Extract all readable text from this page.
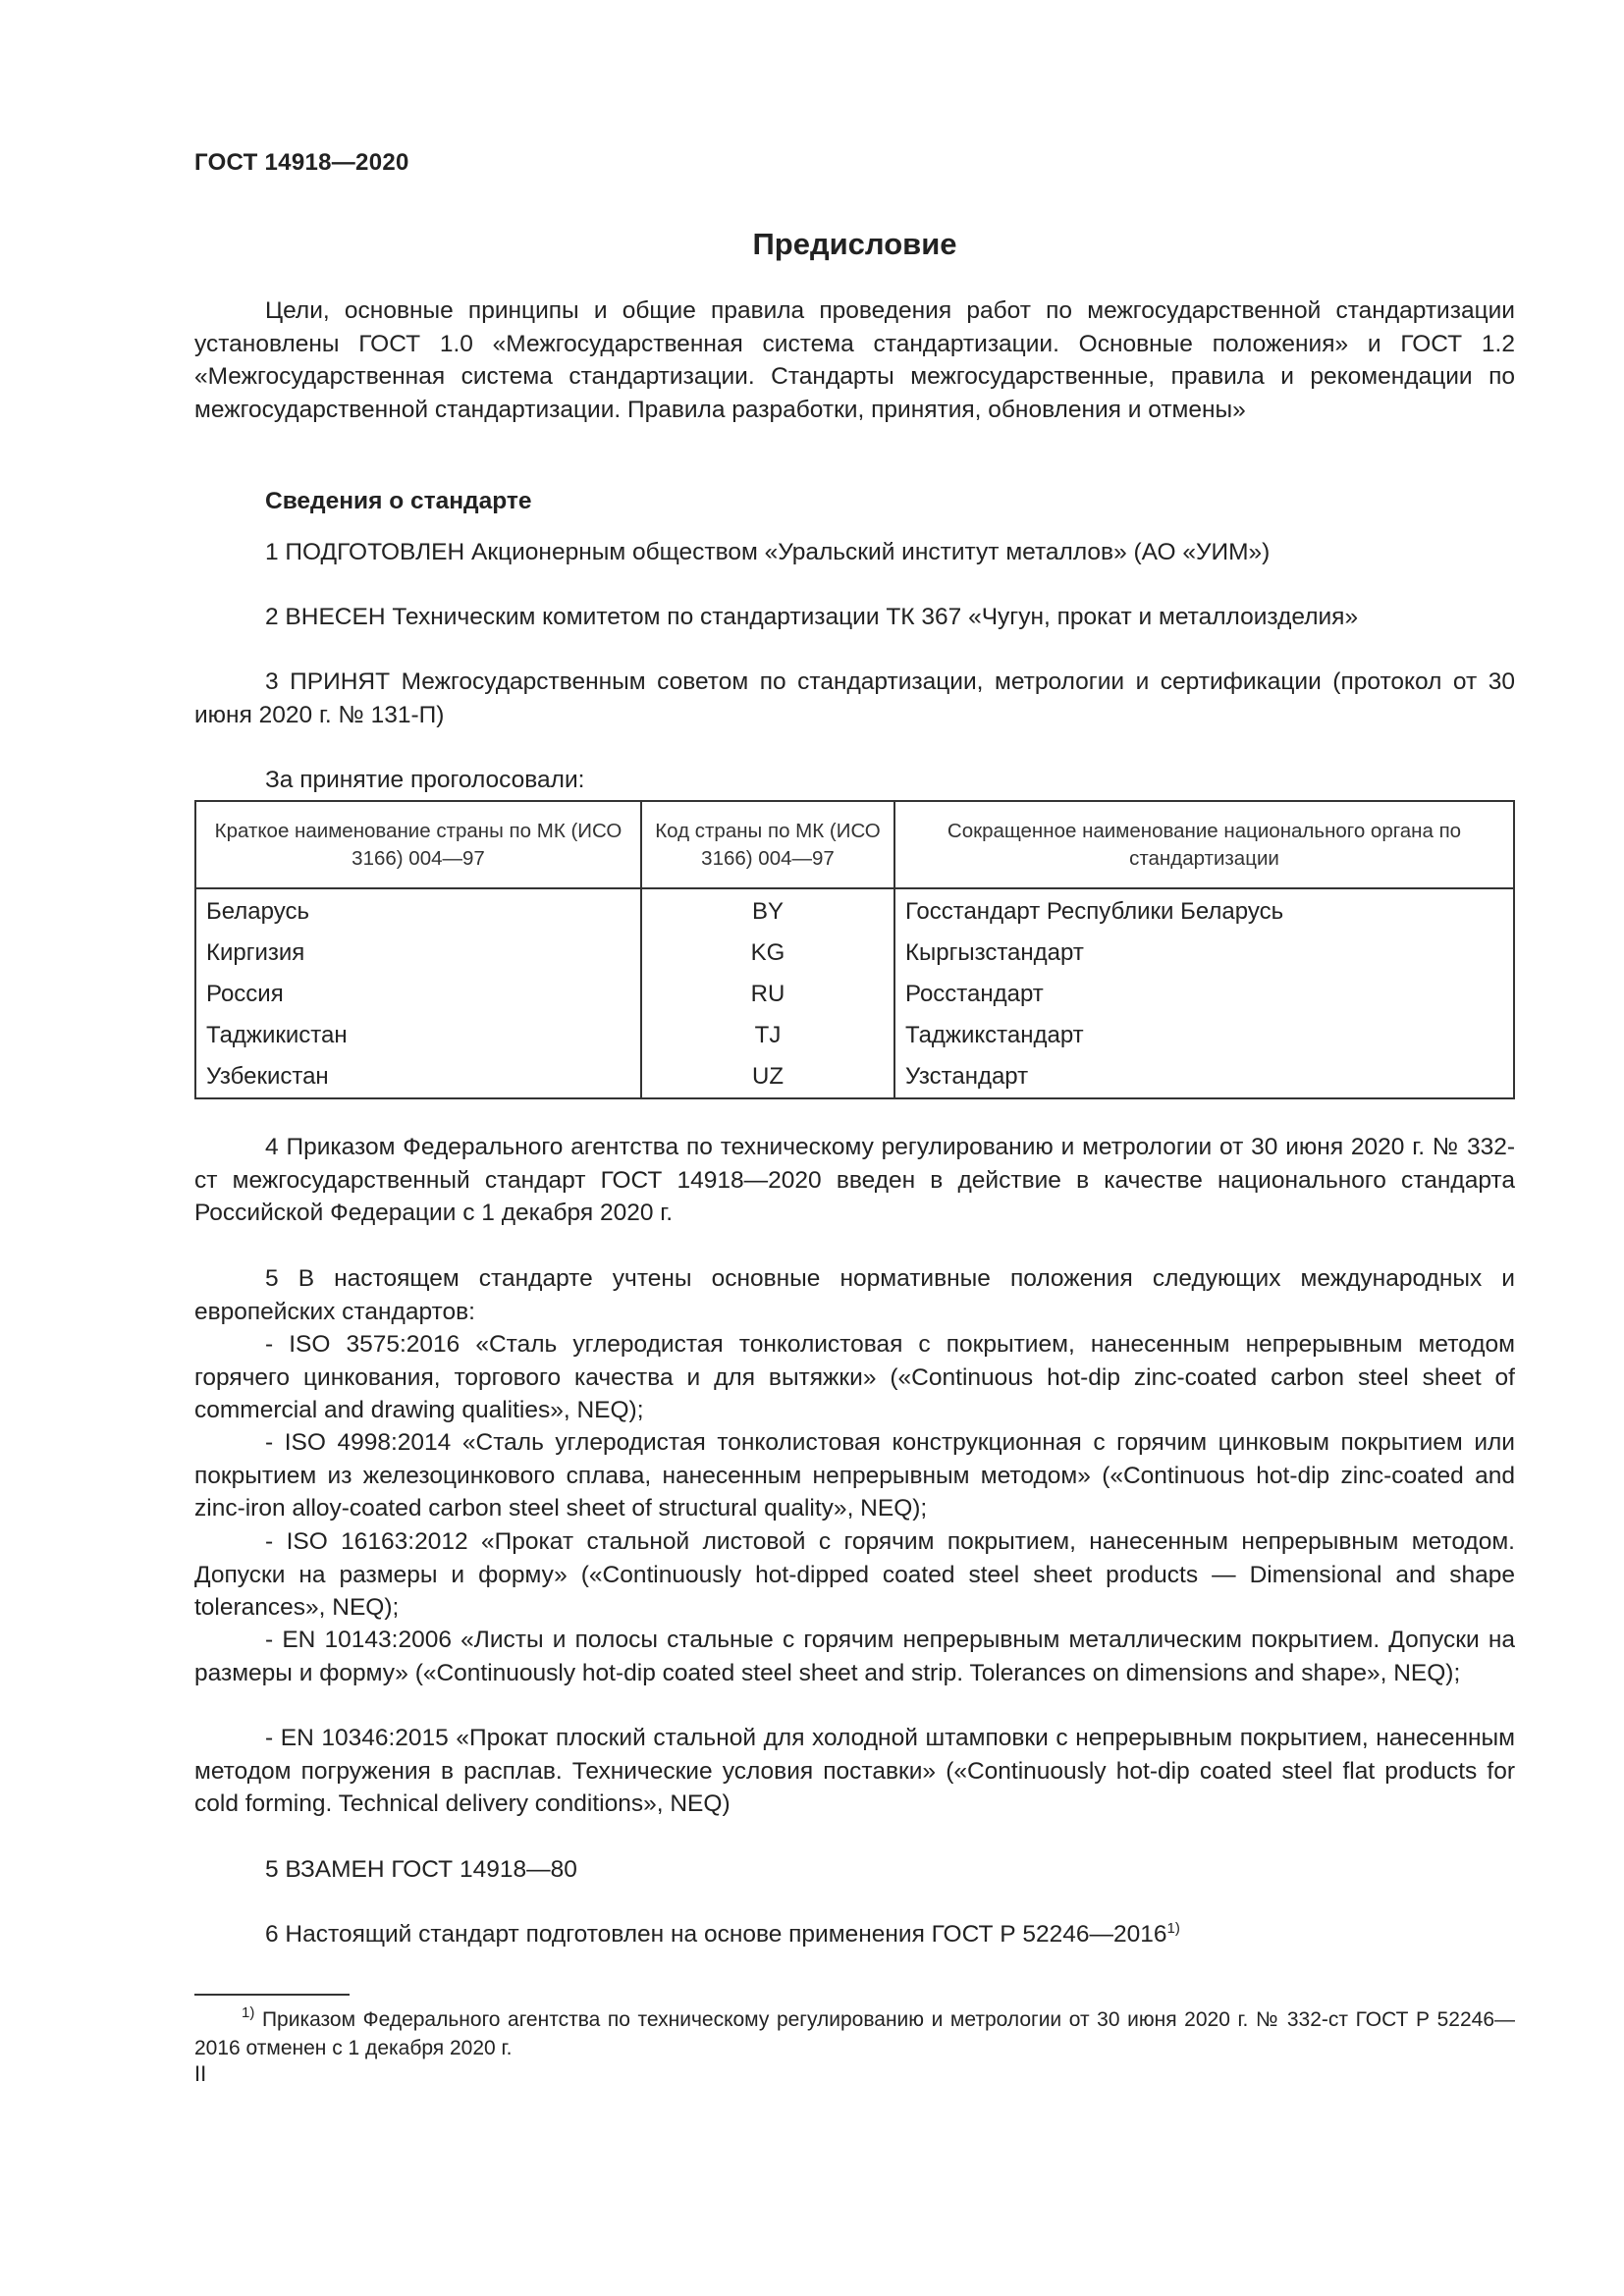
ГОСТ 14918—2020
Предисловие
Цели, основные принципы и общие правила проведения работ по межгосударственной стандартизации установлены ГОСТ 1.0 «Межгосударственная система стандартизации. Основные положения» и ГОСТ 1.2 «Межгосударственная система стандартизации. Стандарты межгосударственные, правила и рекомендации по межгосударственной стандартизации. Правила разработки, принятия, обновления и отмены»
Сведения о стандарте
1 ПОДГОТОВЛЕН Акционерным обществом «Уральский институт металлов» (АО «УИМ»)
2 ВНЕСЕН Техническим комитетом по стандартизации ТК 367 «Чугун, прокат и металлоизделия»
3 ПРИНЯТ Межгосударственным советом по стандартизации, метрологии и сертификации (протокол от 30 июня 2020 г. № 131-П)
За принятие проголосовали:
Краткое наименование страны по МК (ИСО 3166) 004—97	Код страны по МК (ИСО 3166) 004—97	Сокращенное наименование национального органа по стандартизации
Беларусь	BY	Госстандарт Республики Беларусь
Киргизия	KG	Кыргызстандарт
Россия	RU	Росстандарт
Таджикистан	TJ	Таджикстандарт
Узбекистан	UZ	Узстандарт
4 Приказом Федерального агентства по техническому регулированию и метрологии от 30 июня 2020 г. № 332-ст межгосударственный стандарт ГОСТ 14918—2020 введен в действие в качестве национального стандарта Российской Федерации с 1 декабря 2020 г.
5 В настоящем стандарте учтены основные нормативные положения следующих международных и европейских стандартов:
- ISO 3575:2016 «Сталь углеродистая тонколистовая с покрытием, нанесенным непрерывным методом горячего цинкования, торгового качества и для вытяжки» («Continuous hot-dip zinc-coated carbon steel sheet of commercial and drawing qualities», NEQ);
- ISO 4998:2014 «Сталь углеродистая тонколистовая конструкционная с горячим цинковым покрытием или покрытием из железоцинкового сплава, нанесенным непрерывным методом» («Continuous hot-dip zinc-coated and zinc-iron alloy-coated carbon steel sheet of structural quality», NEQ);
- ISO 16163:2012 «Прокат стальной листовой с горячим покрытием, нанесенным непрерывным методом. Допуски на размеры и форму» («Continuously hot-dipped coated steel sheet products — Dimensional and shape tolerances», NEQ);
- EN 10143:2006 «Листы и полосы стальные с горячим непрерывным металлическим покрытием. Допуски на размеры и форму» («Continuously hot-dip coated steel sheet and strip. Tolerances on dimensions and shape», NEQ);
- EN 10346:2015 «Прокат плоский стальной для холодной штамповки с непрерывным покрытием, нанесенным методом погружения в расплав. Технические условия поставки» («Continuously hot-dip coated steel flat products for cold forming. Technical delivery conditions», NEQ)
5 ВЗАМЕН ГОСТ 14918—80
6 Настоящий стандарт подготовлен на основе применения ГОСТ Р 52246—2016$^{1)}$
$^{1)}$ Приказом Федерального агентства по техническому регулированию и метрологии от 30 июня 2020 г. № 332-ст ГОСТ Р 52246—2016 отменен с 1 декабря 2020 г.
II
